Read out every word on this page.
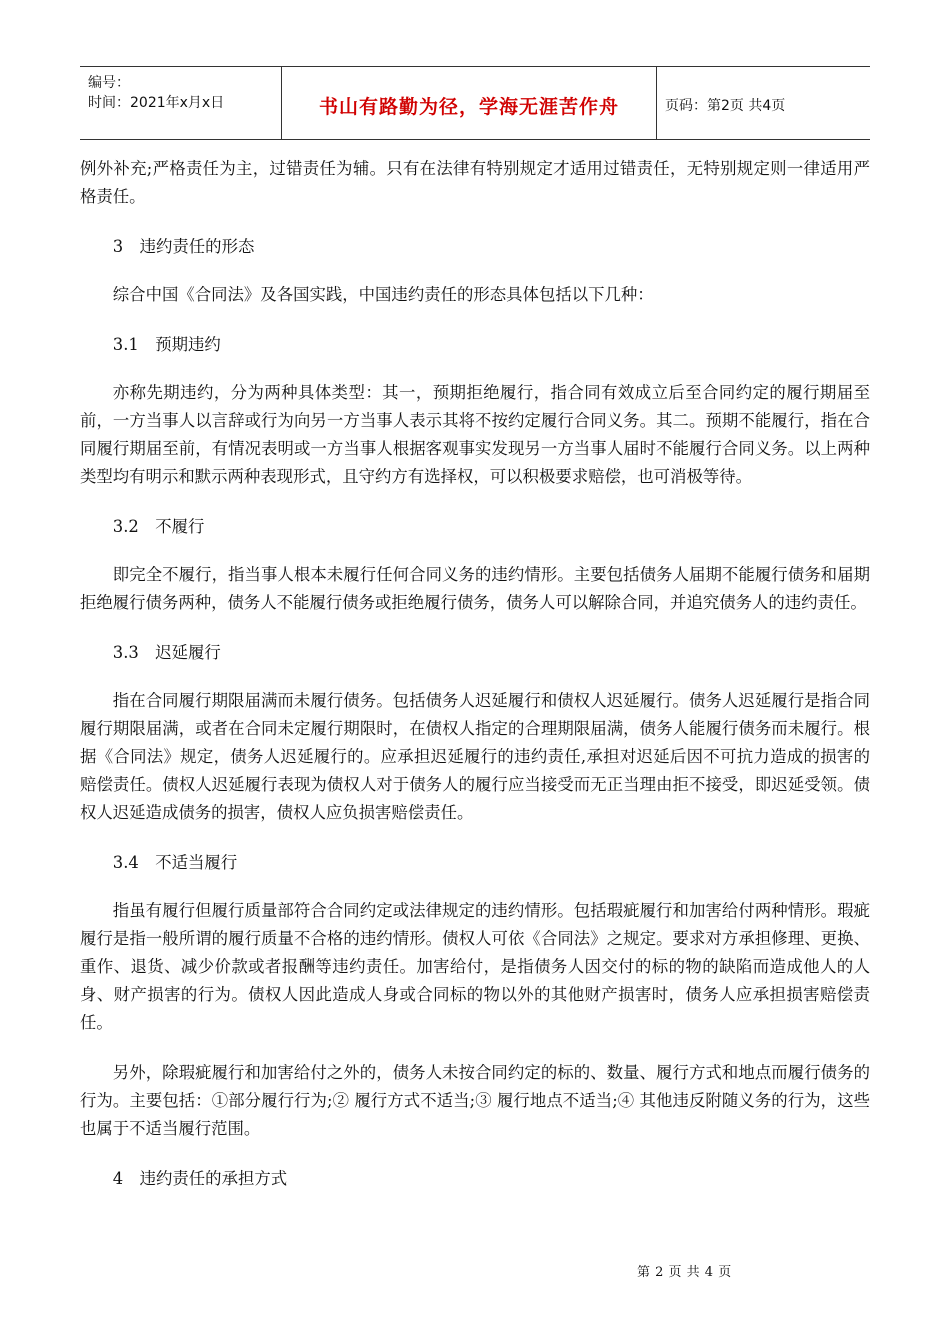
编号：
时间：2021年x月x日	书山有路勤为径，学海无涯苦作舟	页码：第2页 共4页

例外补充;严格责任为主，过错责任为辅。只有在法律有特别规定才适用过错责任，无特别规定则一律适用严格责任。

3　违约责任的形态

综合中国《合同法》及各国实践，中国违约责任的形态具体包括以下几种：

3.1　预期违约

亦称先期违约，分为两种具体类型：其一，预期拒绝履行，指合同有效成立后至合同约定的履行期届至前，一方当事人以言辞或行为向另一方当事人表示其将不按约定履行合同义务。其二。预期不能履行，指在合同履行期届至前，有情况表明或一方当事人根据客观事实发现另一方当事人届时不能履行合同义务。以上两种类型均有明示和默示两种表现形式，且守约方有选择权，可以积极要求赔偿，也可消极等待。

3.2　不履行

即完全不履行，指当事人根本未履行任何合同义务的违约情形。主要包括债务人届期不能履行债务和届期拒绝履行债务两种，债务人不能履行债务或拒绝履行债务，债务人可以解除合同，并追究债务人的违约责任。

3.3　迟延履行

指在合同履行期限届满而未履行债务。包括债务人迟延履行和债权人迟延履行。债务人迟延履行是指合同履行期限届满，或者在合同未定履行期限时，在债权人指定的合理期限届满，债务人能履行债务而未履行。根据《合同法》规定，债务人迟延履行的。应承担迟延履行的违约责任,承担对迟延后因不可抗力造成的损害的赔偿责任。债权人迟延履行表现为债权人对于债务人的履行应当接受而无正当理由拒不接受，即迟延受领。债权人迟延造成债务的损害，债权人应负损害赔偿责任。

3.4　不适当履行

指虽有履行但履行质量部符合合同约定或法律规定的违约情形。包括瑕疵履行和加害给付两种情形。瑕疵履行是指一般所谓的履行质量不合格的违约情形。债权人可依《合同法》之规定。要求对方承担修理、更换、重作、退货、减少价款或者报酬等违约责任。加害给付，是指债务人因交付的标的物的缺陷而造成他人的人身、财产损害的行为。债权人因此造成人身或合同标的物以外的其他财产损害时，债务人应承担损害赔偿责任。

另外，除瑕疵履行和加害给付之外的，债务人未按合同约定的标的、数量、履行方式和地点而履行债务的行为。主要包括：①部分履行行为;② 履行方式不适当;③ 履行地点不适当;④ 其他违反附随义务的行为，这些也属于不适当履行范围。

4　违约责任的承担方式

第 2 页 共 4 页
